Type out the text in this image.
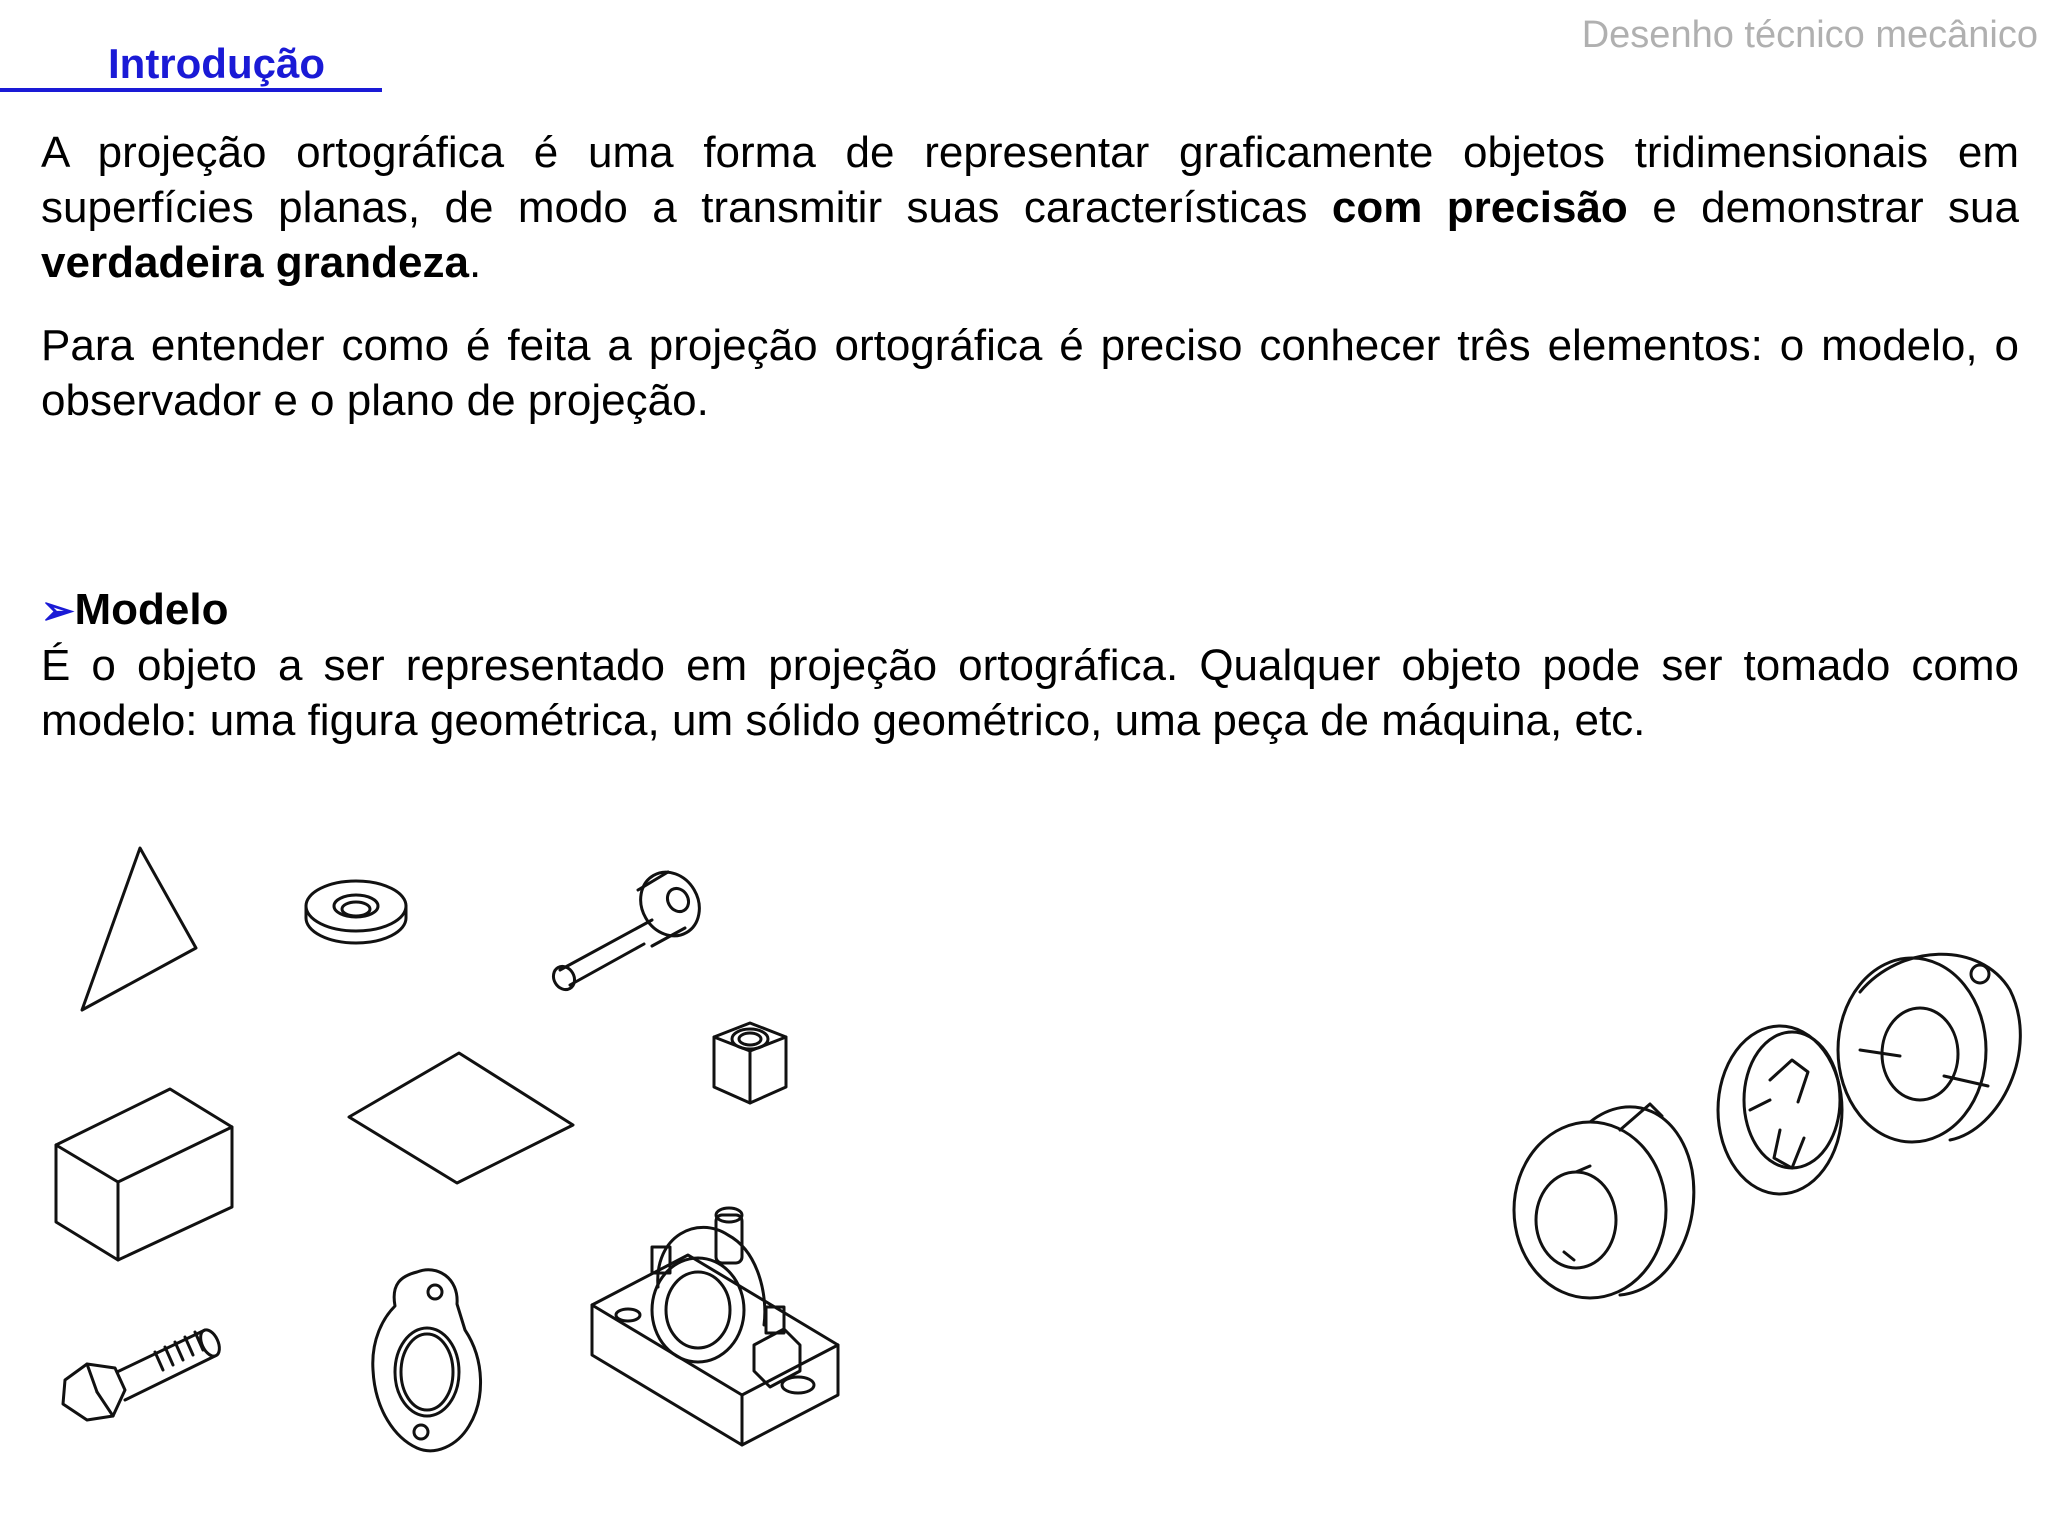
Desenho técnico mecânico
Introdução

A projeção ortográfica é uma forma de representar graficamente objetos tridimensionais em superfícies planas, de modo a transmitir suas características com precisão e demonstrar sua verdadeira grandeza.

Para entender como é feita a projeção ortográfica é preciso conhecer três elementos: o modelo, o observador e o plano de projeção.

➢Modelo

É o objeto a ser representado em projeção ortográfica. Qualquer objeto pode ser tomado como modelo: uma figura geométrica, um sólido geométrico, uma peça de máquina, etc.
